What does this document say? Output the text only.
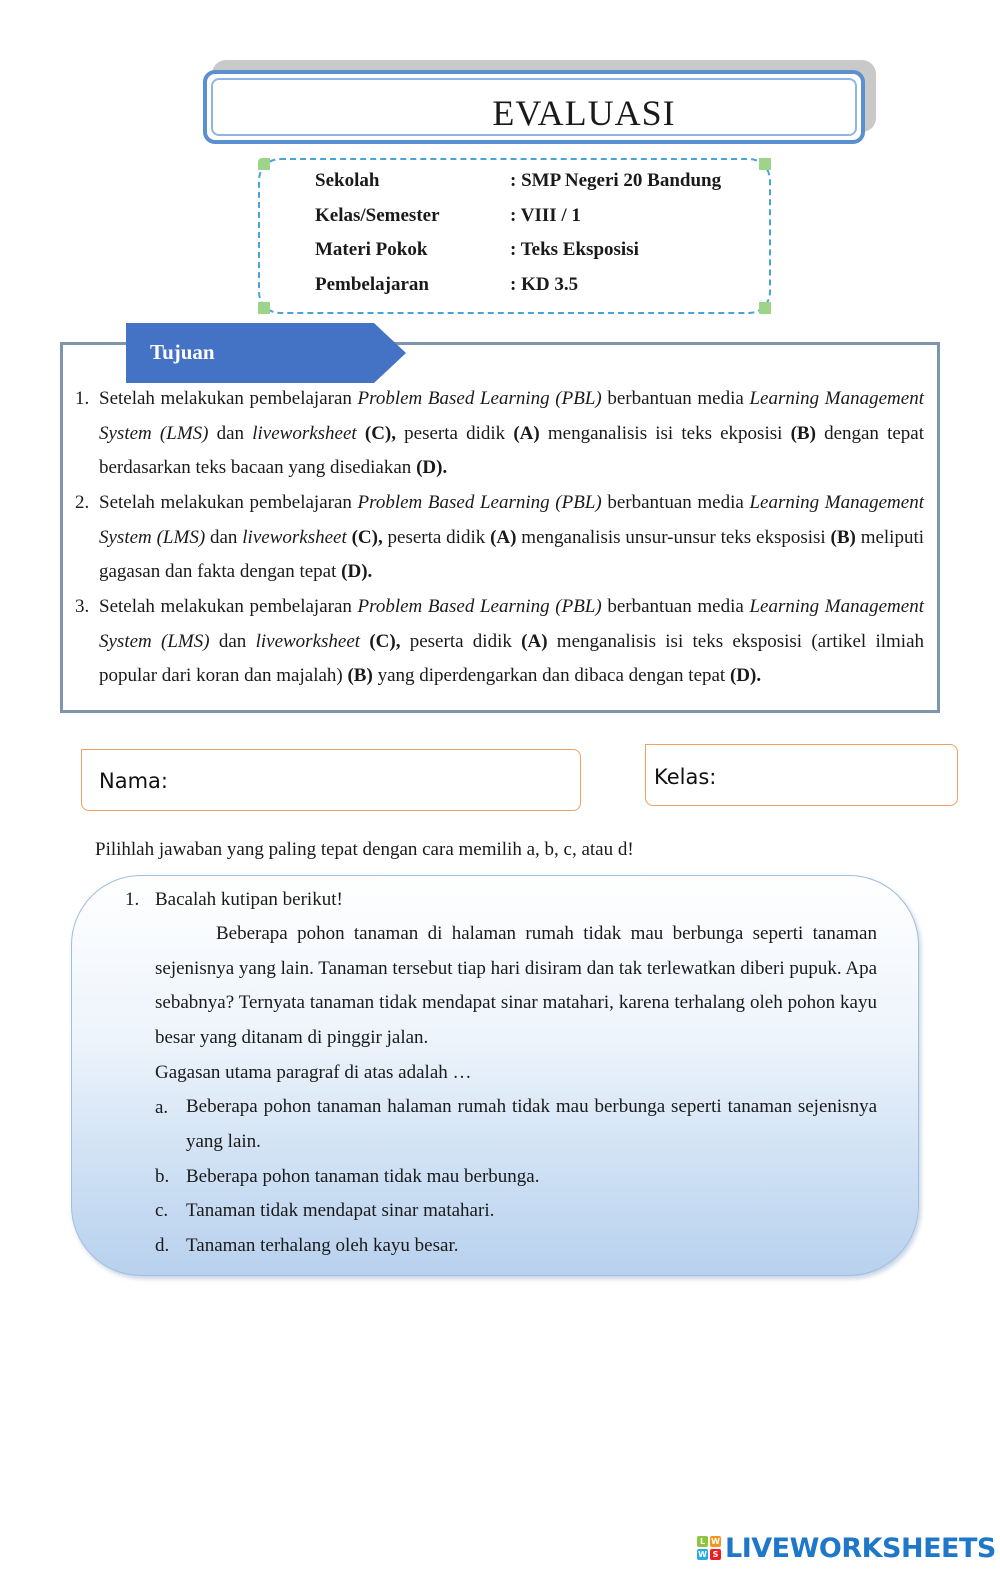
EVALUASI
Sekolah	: SMP Negeri 20 Bandung
Kelas/Semester	: VIII / 1
Materi Pokok	: Teks Eksposisi
Pembelajaran	: KD 3.5
Tujuan
1. Setelah melakukan pembelajaran Problem Based Learning (PBL) berbantuan media Learning Management System (LMS) dan liveworksheet (C), peserta didik (A) menganalisis isi teks ekposisi (B) dengan tepat berdasarkan teks bacaan yang disediakan (D).
2. Setelah melakukan pembelajaran Problem Based Learning (PBL) berbantuan media Learning Management System (LMS) dan liveworksheet (C), peserta didik (A) menganalisis unsur-unsur teks eksposisi (B) meliputi gagasan dan fakta dengan tepat (D).
3. Setelah melakukan pembelajaran Problem Based Learning (PBL) berbantuan media Learning Management System (LMS) dan liveworksheet (C), peserta didik (A) menganalisis isi teks eksposisi (artikel ilmiah popular dari koran dan majalah) (B) yang diperdengarkan dan dibaca dengan tepat (D).
Nama:	Kelas:
Pilihlah jawaban yang paling tepat dengan cara memilih a, b, c, atau d!
1. Bacalah kutipan berikut!
Beberapa pohon tanaman di halaman rumah tidak mau berbunga seperti tanaman sejenisnya yang lain. Tanaman tersebut tiap hari disiram dan tak terlewatkan diberi pupuk. Apa sebabnya? Ternyata tanaman tidak mendapat sinar matahari, karena terhalang oleh pohon kayu besar yang ditanam di pinggir jalan.
Gagasan utama paragraf di atas adalah …
a. Beberapa pohon tanaman halaman rumah tidak mau berbunga seperti tanaman sejenisnya yang lain.
b. Beberapa pohon tanaman tidak mau berbunga.
c. Tanaman tidak mendapat sinar matahari.
d. Tanaman terhalang oleh kayu besar.
L W
W S LIVEWORKSHEETS
